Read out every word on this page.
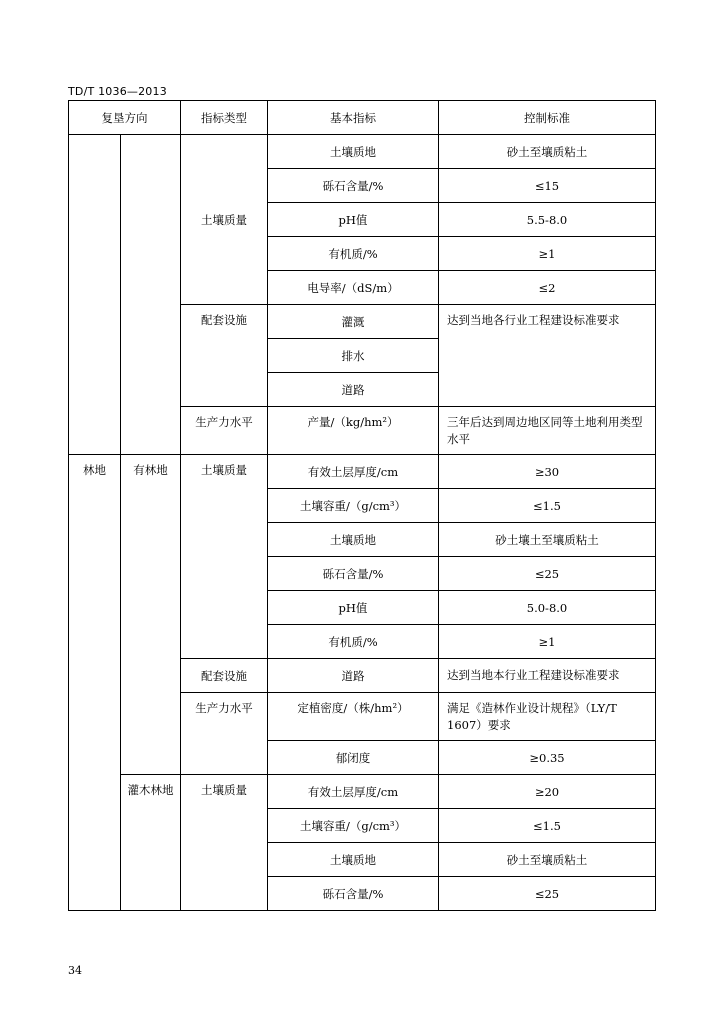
TD/T 1036—2013
复垦方向		指标类型	基本指标	控制标准
		土壤质量	土壤质地	砂土至壤质粘土
			砾石含量/%	≤15
			pH值	5.5-8.0
			有机质/%	≥1
			电导率/（dS/m）	≤2
		配套设施	灌溉	达到当地各行业工程建设标准要求
			排水	
			道路	
		生产力水平	产量/（kg/hm²）	三年后达到周边地区同等土地利用类型水平
林地	有林地	土壤质量	有效土层厚度/cm	≥30
			土壤容重/（g/cm³）	≤1.5
			土壤质地	砂土壤土至壤质粘土
			砾石含量/%	≤25
			pH值	5.0-8.0
			有机质/%	≥1
		配套设施	道路	达到当地本行业工程建设标准要求
		生产力水平	定植密度/（株/hm²）	满足《造林作业设计规程》（LY/T 1607）要求
			郁闭度	≥0.35
	灌木林地	土壤质量	有效土层厚度/cm	≥20
			土壤容重/（g/cm³）	≤1.5
			土壤质地	砂土至壤质粘土
			砾石含量/%	≤25
34
